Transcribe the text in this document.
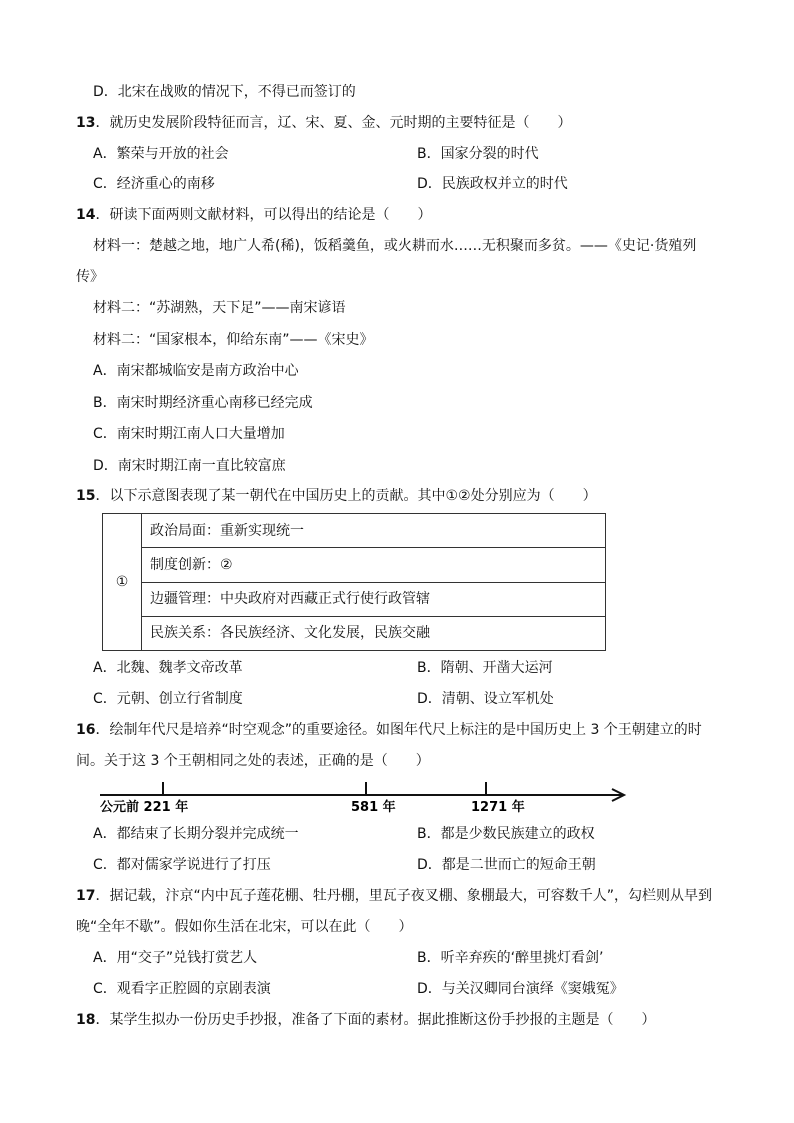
D．北宋在战败的情况下，不得已而签订的
13．就历史发展阶段特征而言，辽、宋、夏、金、元时期的主要特征是（　　）
A．繁荣与开放的社会	B．国家分裂的时代
C．经济重心的南移	D．民族政权并立的时代
14．研读下面两则文献材料，可以得出的结论是（　　）
材料一：楚越之地，地广人希(稀)，饭稻羹鱼，或火耕而水……无积聚而多贫。——《史记·货殖列
传》
材料二：“苏湖熟，天下足”——南宋谚语
材料二：“国家根本，仰给东南”——《宋史》
A．南宋都城临安是南方政治中心
B．南宋时期经济重心南移已经完成
C．南宋时期江南人口大量增加
D．南宋时期江南一直比较富庶
15．以下示意图表现了某一朝代在中国历史上的贡献。其中①②处分别应为（　　）
①	政治局面：重新实现统一
制度创新：②
边疆管理：中央政府对西藏正式行使行政管辖
民族关系：各民族经济、文化发展，民族交融
A．北魏、魏孝文帝改革	B．隋朝、开凿大运河
C．元朝、创立行省制度	D．清朝、设立军机处
16．绘制年代尺是培养“时空观念”的重要途径。如图年代尺上标注的是中国历史上 3 个王朝建立的时
间。关于这 3 个王朝相同之处的表述，正确的是（　　）
公元前 221 年	581 年	1271 年
A．都结束了长期分裂并完成统一	B．都是少数民族建立的政权
C．都对儒家学说进行了打压	D．都是二世而亡的短命王朝
17．据记载，汴京“内中瓦子莲花棚、牡丹棚，里瓦子夜叉棚、象棚最大，可容数千人”，勾栏则从早到
晚“全年不歇”。假如你生活在北宋，可以在此（　　）
A．用“交子”兑钱打赏艺人	B．听辛弃疾的‘醉里挑灯看剑’
C．观看字正腔圆的京剧表演	D．与关汉卿同台演绎《窦娥冤》
18．某学生拟办一份历史手抄报，准备了下面的素材。据此推断这份手抄报的主题是（　　）
